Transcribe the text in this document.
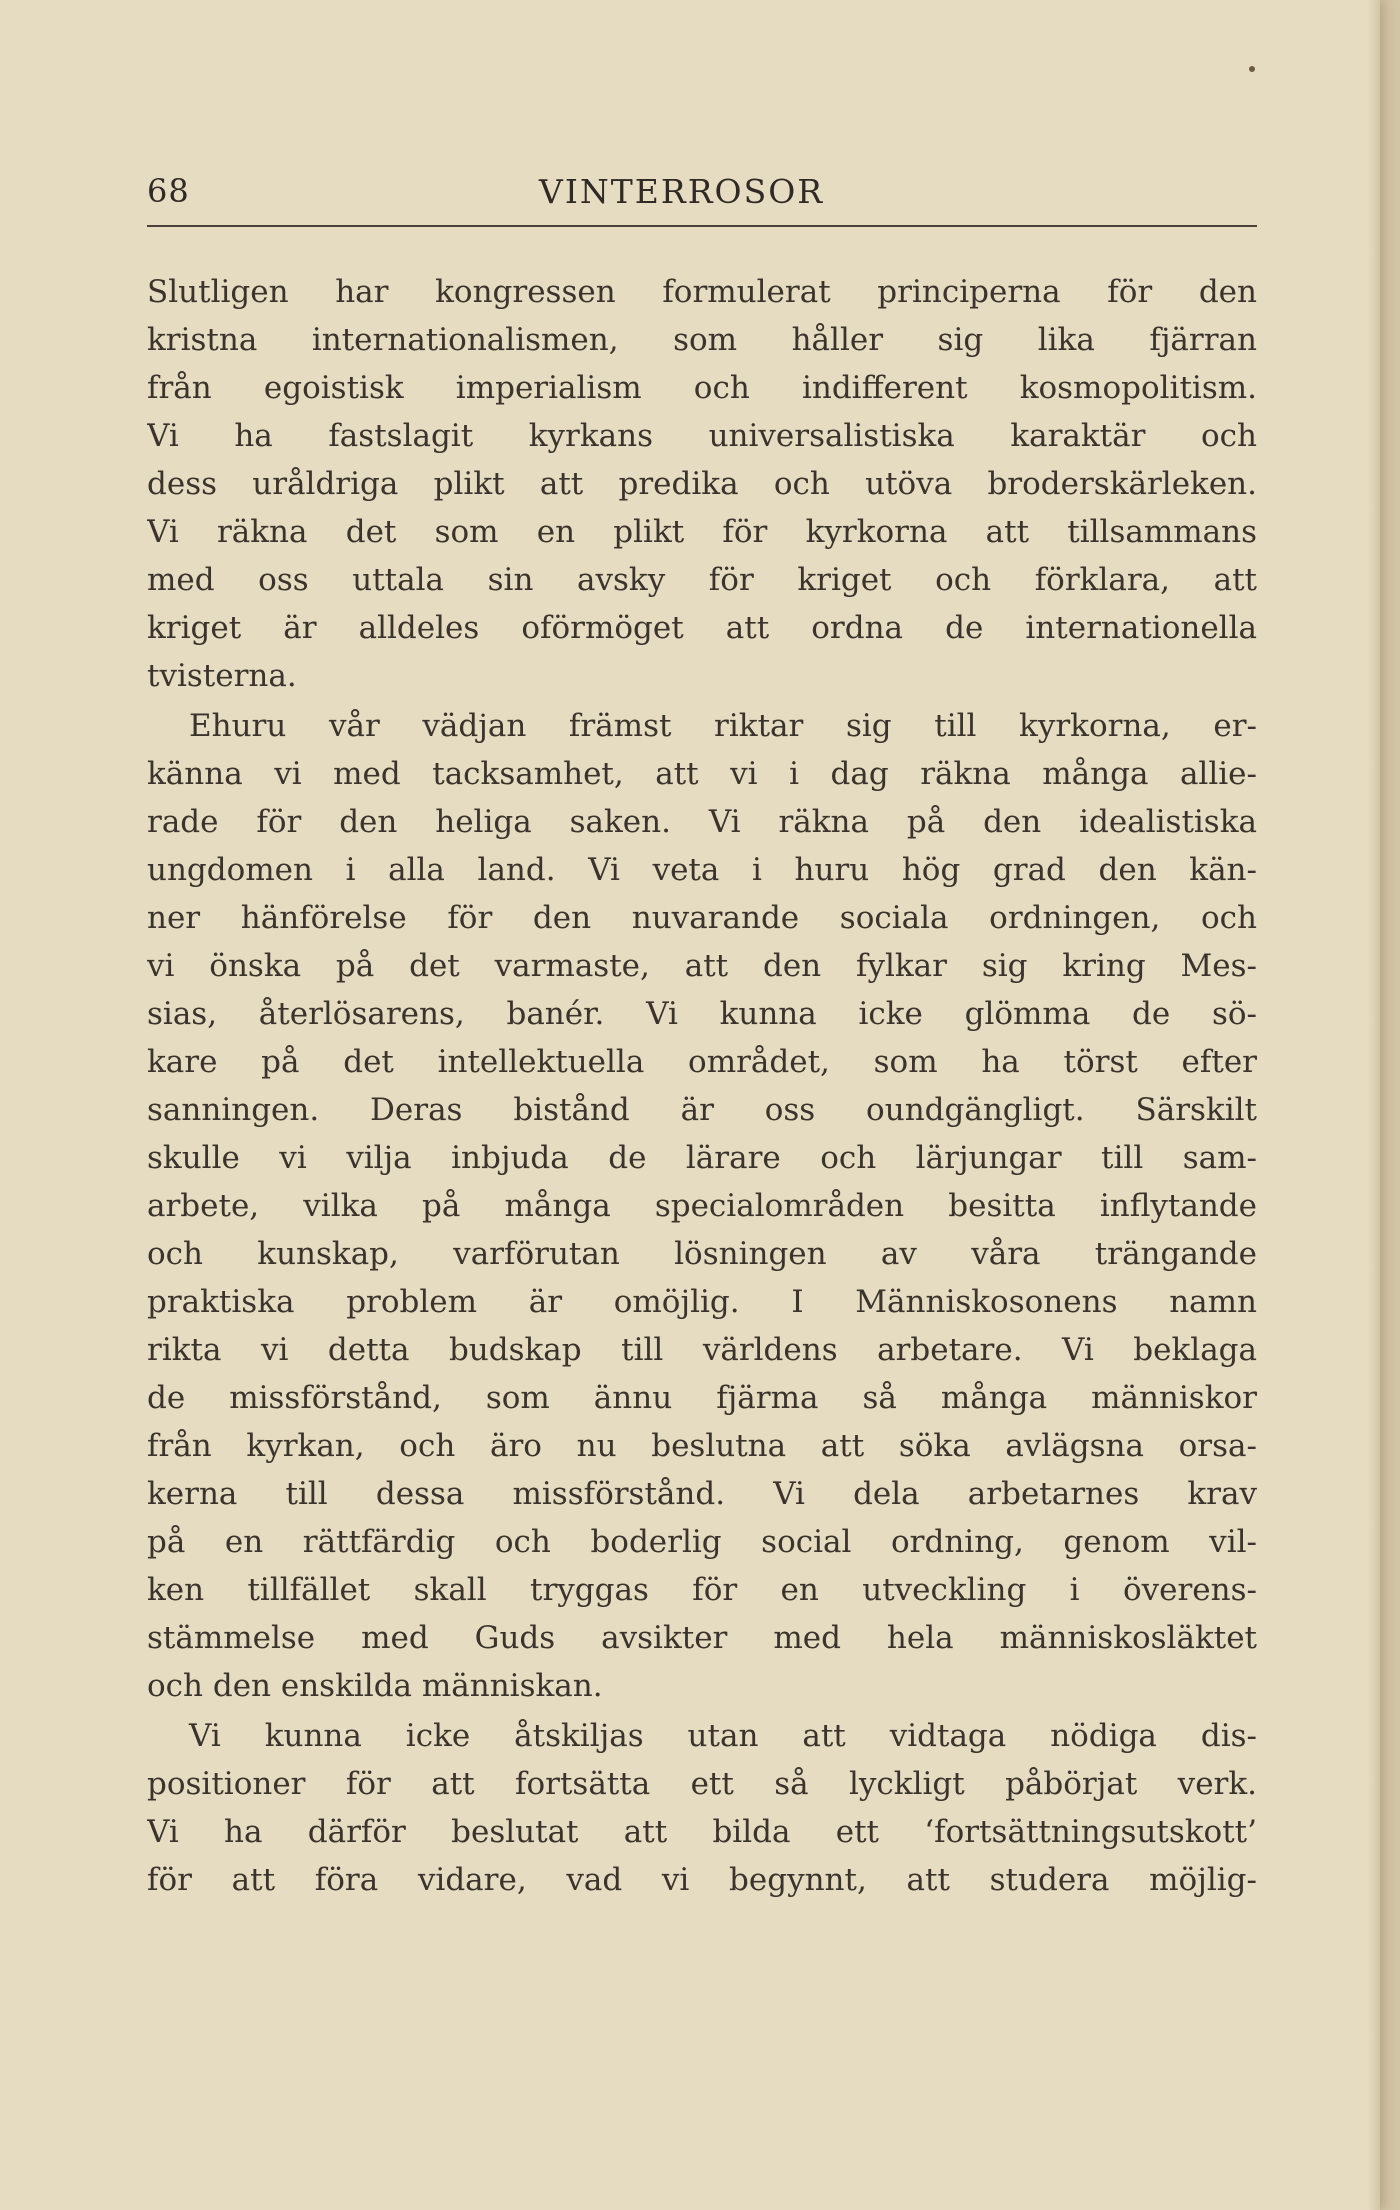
68	VINTERROSOR

Slutligen har kongressen formulerat principerna för den
kristna internationalismen, som håller sig lika fjärran
från egoistisk imperialism och indifferent kosmopolitism.
Vi ha fastslagit kyrkans universalistiska karaktär och
dess uråldriga plikt att predika och utöva broderskärleken.
Vi räkna det som en plikt för kyrkorna att tillsammans
med oss uttala sin avsky för kriget och förklara, att
kriget är alldeles oförmöget att ordna de internationella
tvisterna.

Ehuru vår vädjan främst riktar sig till kyrkorna, er-
känna vi med tacksamhet, att vi i dag räkna många allie-
rade för den heliga saken. Vi räkna på den idealistiska
ungdomen i alla land. Vi veta i huru hög grad den kän-
ner hänförelse för den nuvarande sociala ordningen, och
vi önska på det varmaste, att den fylkar sig kring Mes-
sias, återlösarens, banér. Vi kunna icke glömma de sö-
kare på det intellektuella området, som ha törst efter
sanningen. Deras bistånd är oss oundgängligt. Särskilt
skulle vi vilja inbjuda de lärare och lärjungar till sam-
arbete, vilka på många specialområden besitta inflytande
och kunskap, varförutan lösningen av våra trängande
praktiska problem är omöjlig. I Människosonens namn
rikta vi detta budskap till världens arbetare. Vi beklaga
de missförstånd, som ännu fjärma så många människor
från kyrkan, och äro nu beslutna att söka avlägsna orsa-
kerna till dessa missförstånd. Vi dela arbetarnes krav
på en rättfärdig och boderlig social ordning, genom vil-
ken tillfället skall tryggas för en utveckling i överens-
stämmelse med Guds avsikter med hela människosläktet
och den enskilda människan.

Vi kunna icke åtskiljas utan att vidtaga nödiga dis-
positioner för att fortsätta ett så lyckligt påbörjat verk.
Vi ha därför beslutat att bilda ett ‘fortsättningsutskott’
för att föra vidare, vad vi begynnt, att studera möjlig-
